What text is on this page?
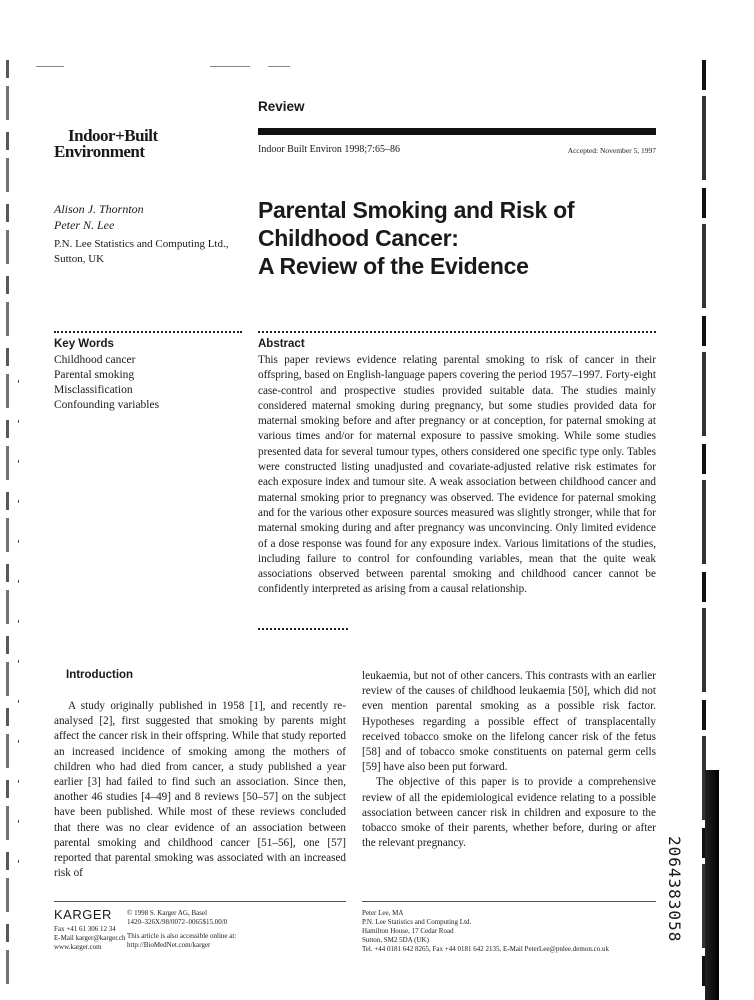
Review
Indoor Built Environ 1998;7:65–86	Accepted: November 5, 1997
Indoor+Built
Environment
Alison J. Thornton
Peter N. Lee
P.N. Lee Statistics and Computing Ltd.,
Sutton, UK
Parental Smoking and Risk of
Childhood Cancer:
A Review of the Evidence
Key Words
Childhood cancer
Parental smoking
Misclassification
Confounding variables
Abstract

This paper reviews evidence relating parental smoking to risk of cancer in their offspring, based on English-language papers covering the period 1957–1997. Forty-eight case-control and prospective studies provided suitable data. The studies mainly considered maternal smoking during pregnancy, but some studies provided data for maternal smoking before and after pregnancy or at conception, for paternal smoking at various times and/or for maternal exposure to passive smoking. While some studies presented data for several tumour types, others considered one specific type only. Tables were constructed listing unadjusted and covariate-adjusted relative risk estimates for each exposure index and tumour site. A weak association between childhood cancer and maternal smoking prior to pregnancy was observed. The evidence for paternal smoking and for the various other exposure sources measured was slightly stronger, while that for maternal smoking during and after pregnancy was unconvincing. Only limited evidence of a dose response was found for any exposure index. Various limitations of the studies, including failure to control for confounding variables, mean that the quite weak associations observed between parental smoking and childhood cancer cannot be confidently interpreted as arising from a causal relationship.

Introduction

A study originally published in 1958 [1], and recently re-analysed [2], first suggested that smoking by parents might affect the cancer risk in their offspring. While that study reported an increased incidence of smoking among the mothers of children who had died from cancer, a study published a year earlier [3] had failed to find such an association. Since then, another 46 studies [4–49] and 8 reviews [50–57] on the subject have been published. While most of these reviews concluded that there was no clear evidence of an association between parental smoking and childhood cancer [51–56], one [57] reported that parental smoking was associated with an increased risk of

leukaemia, but not of other cancers. This contrasts with an earlier review of the causes of childhood leukaemia [50], which did not even mention parental smoking as a possible risk factor. Hypotheses regarding a possible effect of transplacentally received tobacco smoke on the lifelong cancer risk of the fetus [58] and of tobacco smoke constituents on paternal germ cells [59] have also been put forward.

The objective of this paper is to provide a comprehensive review of all the epidemiological evidence relating to a possible association between cancer risk in children and exposure to the tobacco smoke of their parents, whether before, during or after the relevant pregnancy.

KARGER
Fax +41 61 306 12 34
E-Mail karger@karger.ch
www.karger.com
© 1998 S. Karger AG, Basel
1420–326X/98/0072–0065$15.00/0
This article is also accessible online at:
http://BioMedNet.com/karger
Peter Lee, MA
P.N. Lee Statistics and Computing Ltd.
Hamilton House, 17 Cedar Road
Sutton, SM2 5DA (UK)
Tel. +44 0181 642 8265, Fax +44 0181 642 2135, E-Mail PeterLee@pnlee.demon.co.uk
2064383058
